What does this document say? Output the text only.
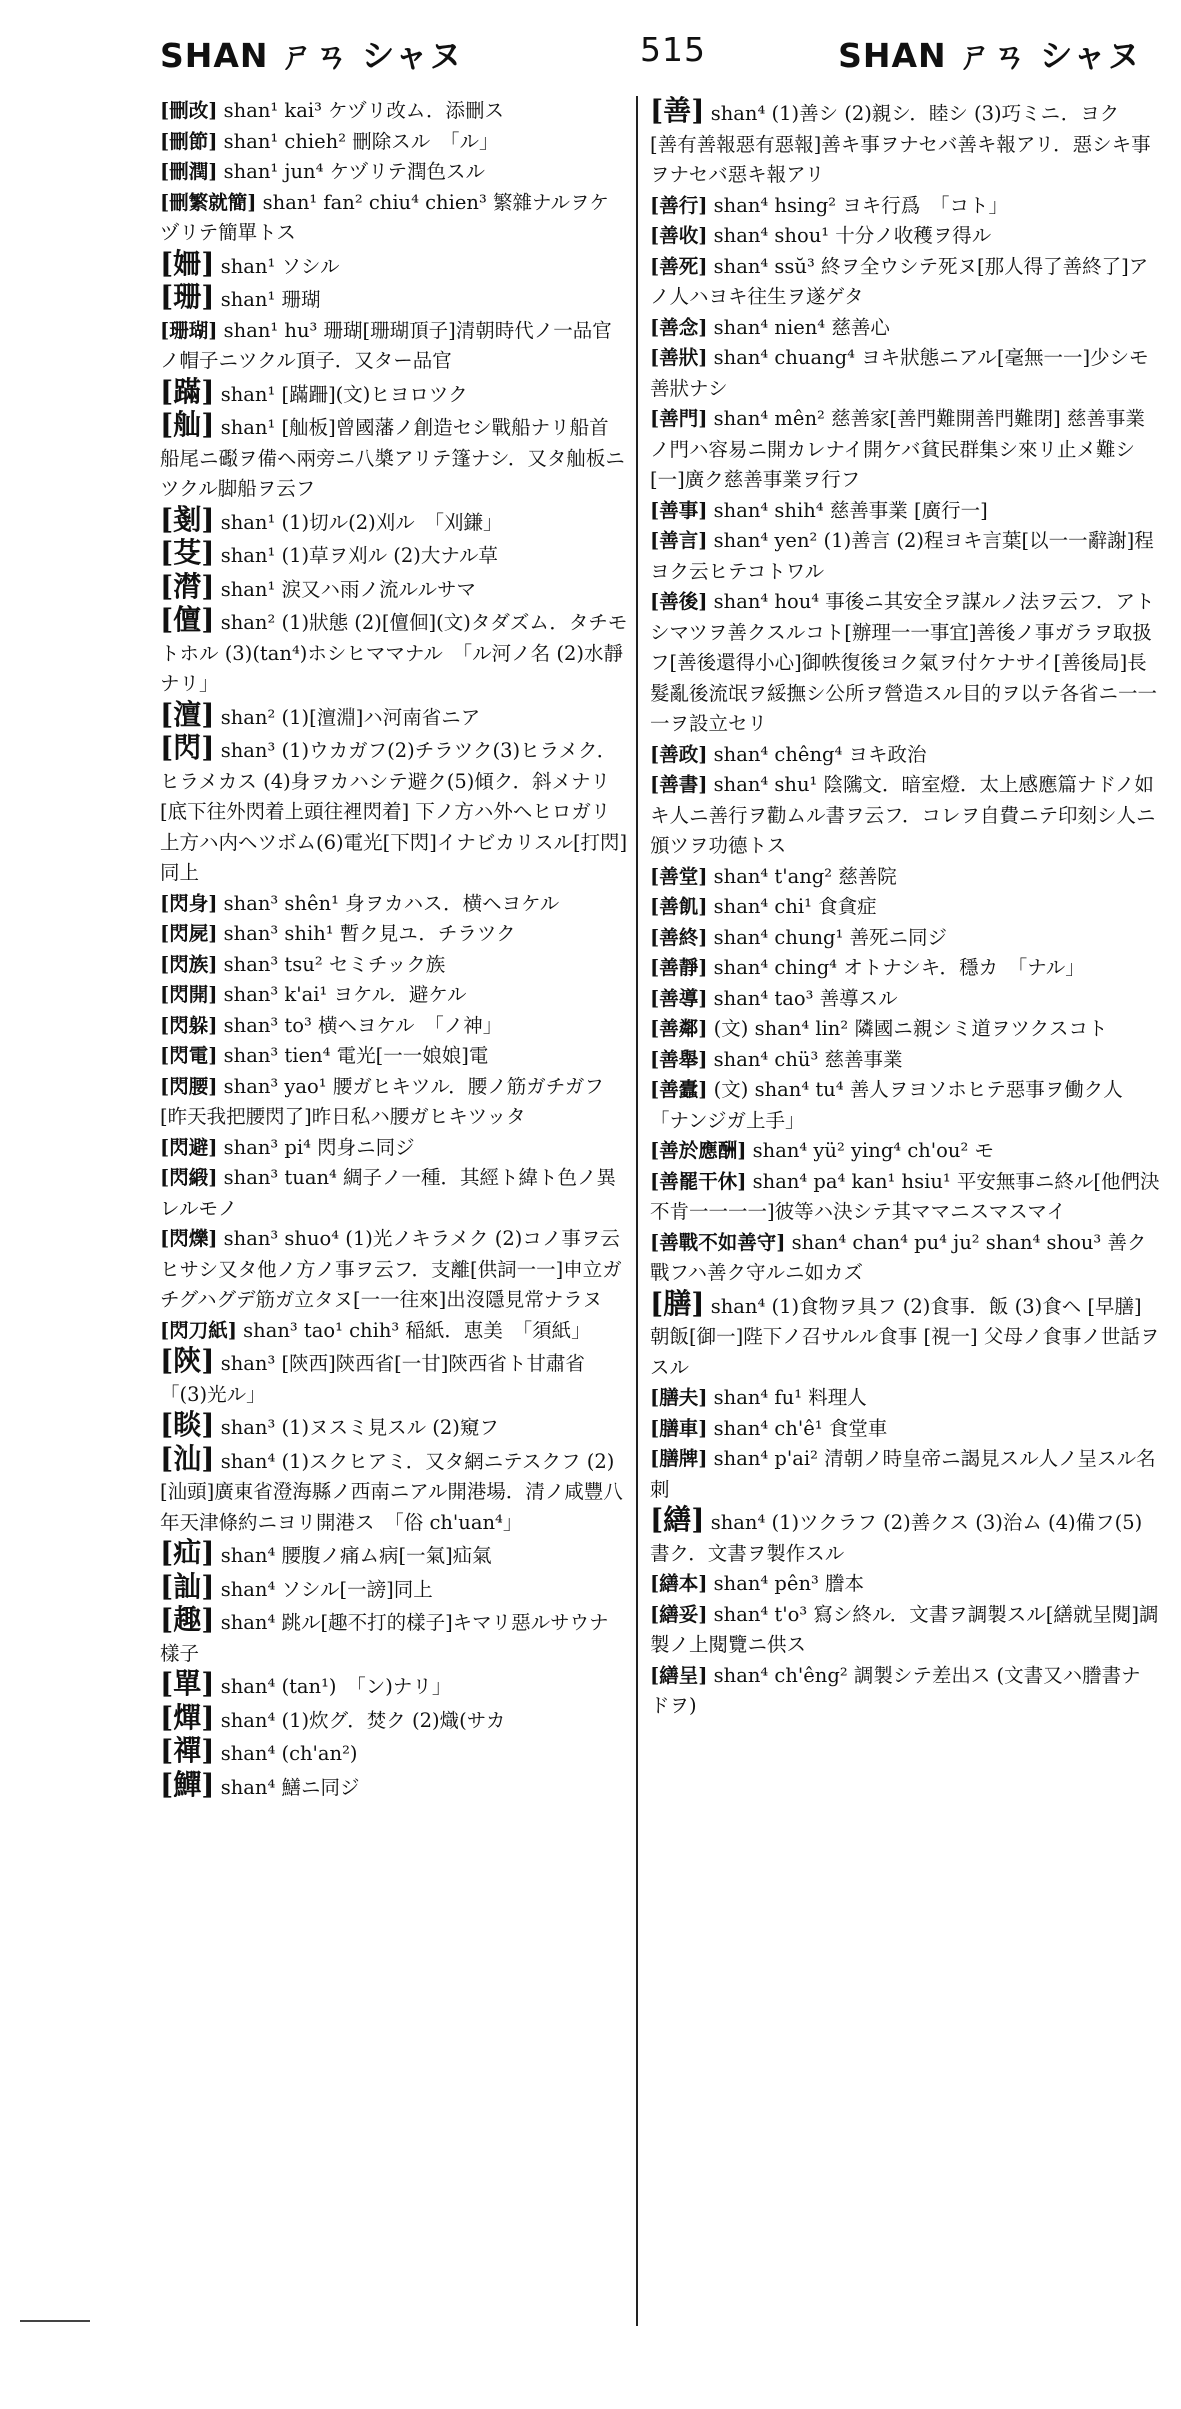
SHAN ㄕㄢ シャヌ	515	SHAN ㄕㄢ シャヌ

[刪改] shan¹ kai³ ケヅリ改ム．添刪ス

[刪節] shan¹ chieh² 刪除スル　「ル」

[刪潤] shan¹ jun⁴ ケヅリテ潤色スル

[刪繁就簡] shan¹ fan² chiu⁴ chien³ 繁雜ナルヲケヅリテ簡單トス

[姍] shan¹ ソシル

[珊] shan¹ 珊瑚

[珊瑚] shan¹ hu³ 珊瑚[珊瑚頂子]清朝時代ノ一品官ノ帽子ニツクル頂子．又ター品官

[蹣] shan¹ [蹣跚](文)ヒヨロツク

[舢] shan¹ [舢板]曾國藩ノ創造セシ戰船ナリ船首船尾ニ礟ヲ備ヘ兩旁ニ八槳アリテ篷ナシ．又タ舢板ニツクル脚船ヲ云フ

[剗] shan¹ (1)切ル(2)刈ル　「刈鎌」

[芟] shan¹ (1)草ヲ刈ル (2)大ナル草

[潸] shan¹ 涙又ハ雨ノ流ルルサマ

[儃] shan² (1)狀態 (2)[儃佪](文)タダズム．タチモトホル (3)(tan⁴)ホシヒママナル　「ル河ノ名 (2)水靜ナリ」

[澶] shan² (1)[澶淵]ハ河南省ニア

[閃] shan³ (1)ウカガフ(2)チラツク(3)ヒラメク．ヒラメカス (4)身ヲカハシテ避ク(5)傾ク．斜メナリ[底下往外閃着上頭往裡閃着] 下ノ方ハ外ヘヒロガリ上方ハ内ヘツボム(6)電光[下閃]イナビカリスル[打閃]同上

[閃身] shan³ shên¹ 身ヲカハス．横ヘヨケル

[閃屍] shan³ shih¹ 暫ク見ユ．チラツク

[閃族] shan³ tsu² セミチック族

[閃開] shan³ k'ai¹ ヨケル．避ケル

[閃躲] shan³ to³ 横ヘヨケル　「ノ神」

[閃電] shan³ tien⁴ 電光[一一娘娘]電

[閃腰] shan³ yao¹ 腰ガヒキツル．腰ノ筋ガチガフ[昨天我把腰閃了]昨日私ハ腰ガヒキツッタ

[閃避] shan³ pi⁴ 閃身ニ同ジ

[閃緞] shan³ tuan⁴ 綢子ノ一種．其經ト緯ト色ノ異レルモノ

[閃爍] shan³ shuo⁴ (1)光ノキラメク (2)コノ事ヲ云ヒサシ又タ他ノ方ノ事ヲ云フ．支離[供詞一一]申立ガチグハグデ筋ガ立タヌ[一一往來]出沒隱見常ナラヌ

[閃刀紙] shan³ tao¹ chih³ 稲紙．恵美　「須紙」

[陝] shan³ [陝西]陝西省[一甘]陝西省ト甘肅省　「(3)光ル」

[睒] shan³ (1)ヌスミ見スル (2)窺フ

[汕] shan⁴ (1)スクヒアミ．又タ網ニテスクフ (2)[汕頭]廣東省澄海縣ノ西南ニアル開港場．清ノ咸豐八年天津條約ニヨリ開港ス　「俗 ch'uan⁴」

[疝] shan⁴ 腰腹ノ痛ム病[一氣]疝氣

[訕] shan⁴ ソシル[一謗]同上

[趣] shan⁴ 跳ル[趣不打的樣子]キマリ惡ルサウナ樣子

[單] shan⁴ (tan¹)　「ン)ナリ」

[燀] shan⁴ (1)炊グ．焚ク (2)熾(サカ

[禪] shan⁴ (ch'an²)

[鱓] shan⁴ 鱔ニ同ジ

[善] shan⁴ (1)善シ (2)親シ．睦シ (3)巧ミニ．ヨク　[善有善報惡有惡報]善キ事ヲナセバ善キ報アリ．惡シキ事ヲナセバ惡キ報アリ

[善行] shan⁴ hsing² ヨキ行爲　「コト」

[善收] shan⁴ shou¹ 十分ノ收穫ヲ得ル

[善死] shan⁴ ssŭ³ 終ヲ全ウシテ死ヌ[那人得了善終了]アノ人ハヨキ往生ヲ遂ゲタ

[善念] shan⁴ nien⁴ 慈善心

[善狀] shan⁴ chuang⁴ ヨキ狀態ニアル[毫無一一]少シモ善狀ナシ

[善門] shan⁴ mên² 慈善家[善門難開善門難閉] 慈善事業ノ門ハ容易ニ開カレナイ開ケバ貧民群集シ來リ止メ難シ　[一]廣ク慈善事業ヲ行フ

[善事] shan⁴ shih⁴ 慈善事業 [廣行一]

[善言] shan⁴ yen² (1)善言 (2)程ヨキ言葉[以一一辭謝]程ヨク云ヒテコトワル

[善後] shan⁴ hou⁴ 事後ニ其安全ヲ謀ルノ法ヲ云フ．アトシマツヲ善クスルコト[辦理一一事宜]善後ノ事ガラヲ取扱フ[善後還得小心]御帙復後ヨク氣ヲ付ケナサイ[善後局]長髮亂後流氓ヲ綏撫シ公所ヲ營造スル目的ヲ以テ各省ニ一一一ヲ設立セリ

[善政] shan⁴ chêng⁴ ヨキ政治

[善書] shan⁴ shu¹ 陰隲文．暗室燈．太上感應篇ナドノ如キ人ニ善行ヲ勸ムル書ヲ云フ．コレヲ自費ニテ印刻シ人ニ頒ツヲ功德トス

[善堂] shan⁴ t'ang² 慈善院

[善飢] shan⁴ chi¹ 食貪症

[善終] shan⁴ chung¹ 善死ニ同ジ

[善靜] shan⁴ ching⁴ オトナシキ．穩カ　「ナル」

[善導] shan⁴ tao³ 善導スル

[善鄰] (文) shan⁴ lin² 隣國ニ親シミ道ヲツクスコト

[善舉] shan⁴ chü³ 慈善事業

[善蠹] (文) shan⁴ tu⁴ 善人ヲヨソホヒテ惡事ヲ働ク人　「ナンジガ上手」

[善於應酬] shan⁴ yü² ying⁴ ch'ou² モ

[善罷干休] shan⁴ pa⁴ kan¹ hsiu¹ 平安無事ニ終ル[他們決不肯一一一一]彼等ハ決シテ其ママニスマスマイ

[善戰不如善守] shan⁴ chan⁴ pu⁴ ju² shan⁴ shou³ 善ク戰フハ善ク守ルニ如カズ

[膳] shan⁴ (1)食物ヲ具フ (2)食事．飯 (3)食ヘ [早膳]朝飯[御一]陛下ノ召サルル食事 [視一] 父母ノ食事ノ世話ヲスル

[膳夫] shan⁴ fu¹ 料理人

[膳車] shan⁴ ch'ê¹ 食堂車

[膳牌] shan⁴ p'ai² 清朝ノ時皇帝ニ謁見スル人ノ呈スル名刺

[繕] shan⁴ (1)ツクラフ (2)善クス (3)治ム (4)備フ(5)書ク．文書ヲ製作スル

[繕本] shan⁴ pên³ 謄本

[繕妥] shan⁴ t'o³ 寫シ終ル．文書ヲ調製スル[繕就呈閱]調製ノ上閱覽ニ供ス

[繕呈] shan⁴ ch'êng² 調製シテ差出ス (文書又ハ謄書ナドヲ)
